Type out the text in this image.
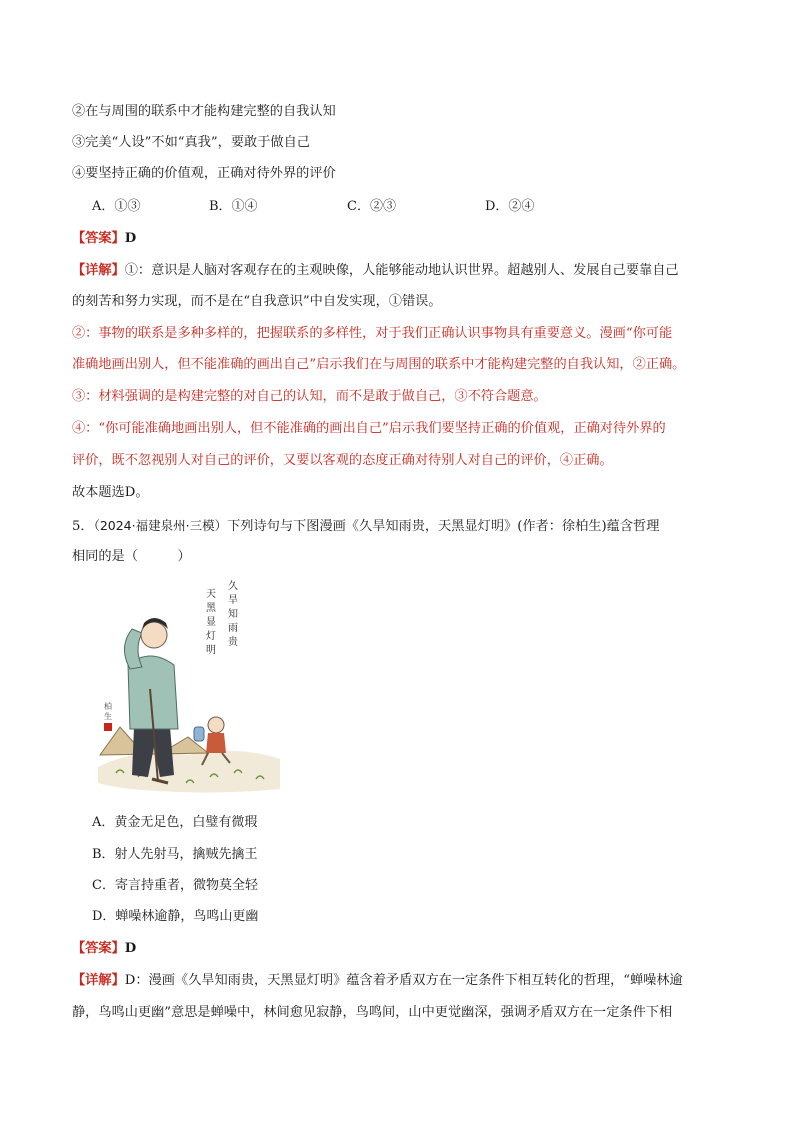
②在与周围的联系中才能构建完整的自我认知
③完美“人设”不如“真我”，要敢于做自己
④要坚持正确的价值观，正确对待外界的评价
A．①③	B．①④	C．②③	D．②④
【答案】D
【详解】①：意识是人脑对客观存在的主观映像，人能够能动地认识世界。超越别人、发展自己要靠自己
的刻苦和努力实现，而不是在“自我意识”中自发实现，①错误。
②：事物的联系是多种多样的，把握联系的多样性，对于我们正确认识事物具有重要意义。漫画“你可能
准确地画出别人，但不能准确的画出自己”启示我们在与周围的联系中才能构建完整的自我认知，②正确。
③：材料强调的是构建完整的对自己的认知，而不是敢于做自己，③不符合题意。
④：“你可能准确地画出别人，但不能准确的画出自己”启示我们要坚持正确的价值观，正确对待外界的
评价，既不忽视别人对自己的评价，又要以客观的态度正确对待别人对自己的评价，④正确。
故本题选D。
5．（2024·福建泉州·三模）下列诗句与下图漫画《久旱知雨贵，天黑显灯明》(作者：徐柏生)蕴含哲理
相同的是（　　　）
柏
生
久
旱
知
雨
贵
天
黑
显
灯
明
A．黄金无足色，白璧有微瑕
B．射人先射马，擒贼先擒王
C．寄言持重者，微物莫全轻
D．蝉噪林逾静，鸟鸣山更幽
【答案】D
【详解】D：漫画《久旱知雨贵，天黑显灯明》蕴含着矛盾双方在一定条件下相互转化的哲理，“蝉噪林逾
静，鸟鸣山更幽”意思是蝉噪中，林间愈见寂静，鸟鸣间，山中更觉幽深，强调矛盾双方在一定条件下相
